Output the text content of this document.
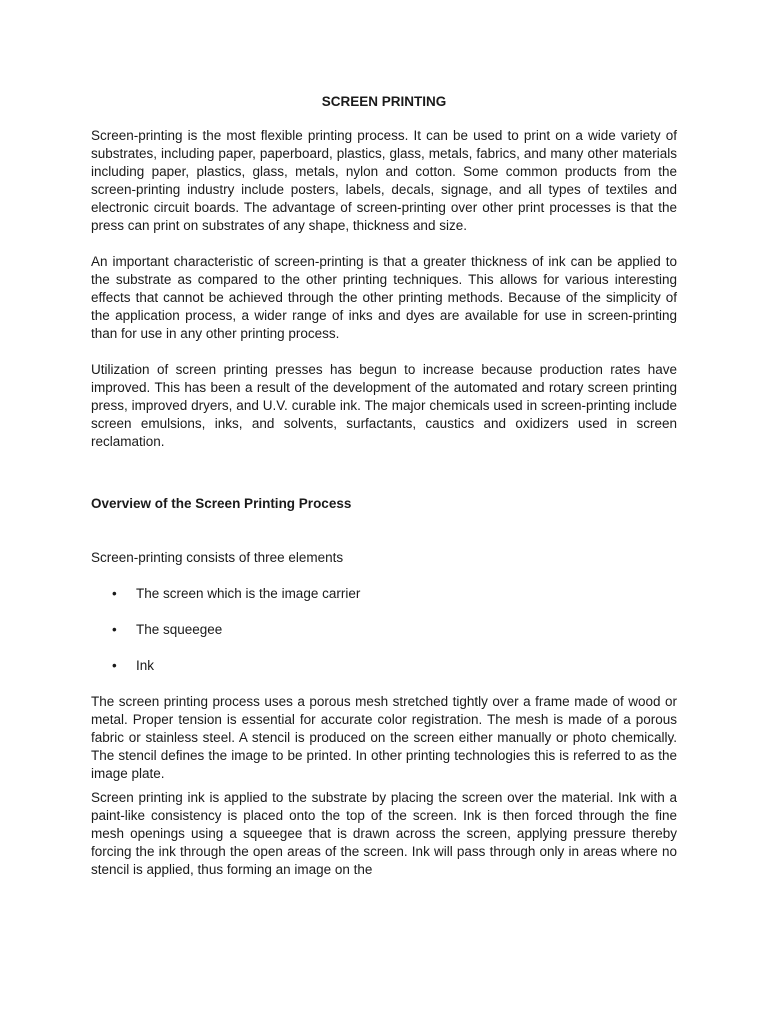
SCREEN PRINTING

Screen-printing is the most flexible printing process. It can be used to print on a wide variety of substrates, including paper, paperboard, plastics, glass, metals, fabrics, and many other materials including paper, plastics, glass, metals, nylon and cotton. Some common products from the screen-printing industry include posters, labels, decals, signage, and all types of textiles and electronic circuit boards. The advantage of screen-printing over other print processes is that the press can print on substrates of any shape, thickness and size.

An important characteristic of screen-printing is that a greater thickness of ink can be applied to the substrate as compared to the other printing techniques. This allows for various interesting effects that cannot be achieved through the other printing methods. Because of the simplicity of the application process, a wider range of inks and dyes are available for use in screen-printing than for use in any other printing process.

Utilization of screen printing presses has begun to increase because production rates have improved. This has been a result of the development of the automated and rotary screen printing press, improved dryers, and U.V. curable ink. The major chemicals used in screen-printing include screen emulsions, inks, and solvents, surfactants, caustics and oxidizers used in screen reclamation.

Overview of the Screen Printing Process
Screen-printing consists of three elements
• The screen which is the image carrier
• The squeegee
• Ink

The screen printing process uses a porous mesh stretched tightly over a frame made of wood or metal. Proper tension is essential for accurate color registration. The mesh is made of a porous fabric or stainless steel. A stencil is produced on the screen either manually or photo chemically. The stencil defines the image to be printed. In other printing technologies this is referred to as the image plate.

Screen printing ink is applied to the substrate by placing the screen over the material. Ink with a paint-like consistency is placed onto the top of the screen. Ink is then forced through the fine mesh openings using a squeegee that is drawn across the screen, applying pressure thereby forcing the ink through the open areas of the screen. Ink will pass through only in areas where no stencil is applied, thus forming an image on the
